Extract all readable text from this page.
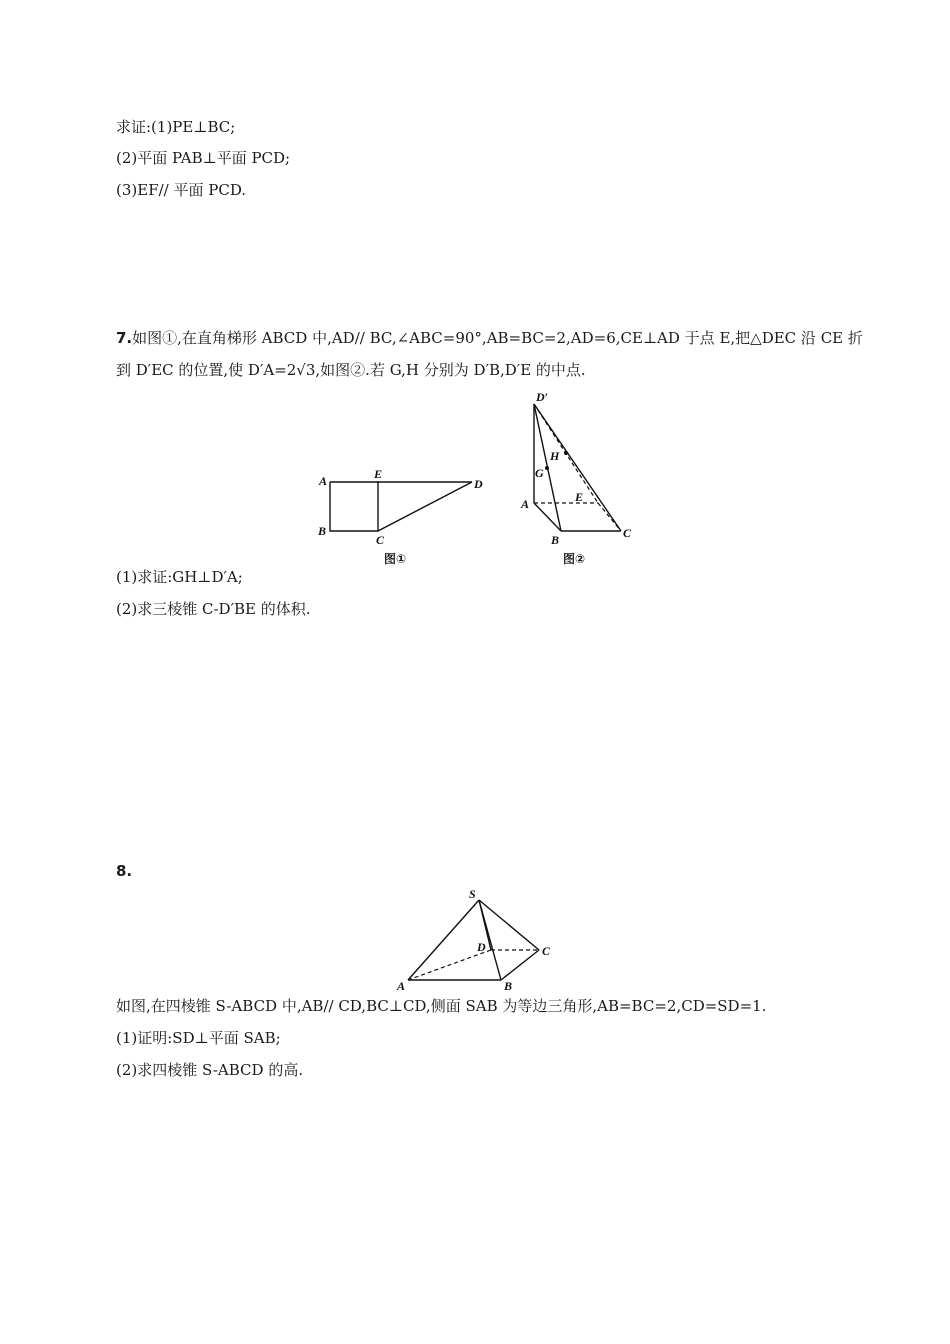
求证:(1)PE⊥BC;
(2)平面 PAB⊥平面 PCD;
(3)EF// 平面 PCD.
7.如图①,在直角梯形 ABCD 中,AD// BC,∠ABC=90°,AB=BC=2,AD=6,CE⊥AD 于点 E,把△DEC 沿 CE 折
到 D′EC 的位置,使 D′A=2√3,如图②.若 G,H 分别为 D′B,D′E 的中点.
A
B
C
D
E
图①
D′
H
G
A	E
B	C
图②
(1)求证:GH⊥D′A;
(2)求三棱锥 C-D′BE 的体积.
8.
S
D	C
A	B
如图,在四棱锥 S-ABCD 中,AB// CD,BC⊥CD,侧面 SAB 为等边三角形,AB=BC=2,CD=SD=1.
(1)证明:SD⊥平面 SAB;
(2)求四棱锥 S-ABCD 的高.
